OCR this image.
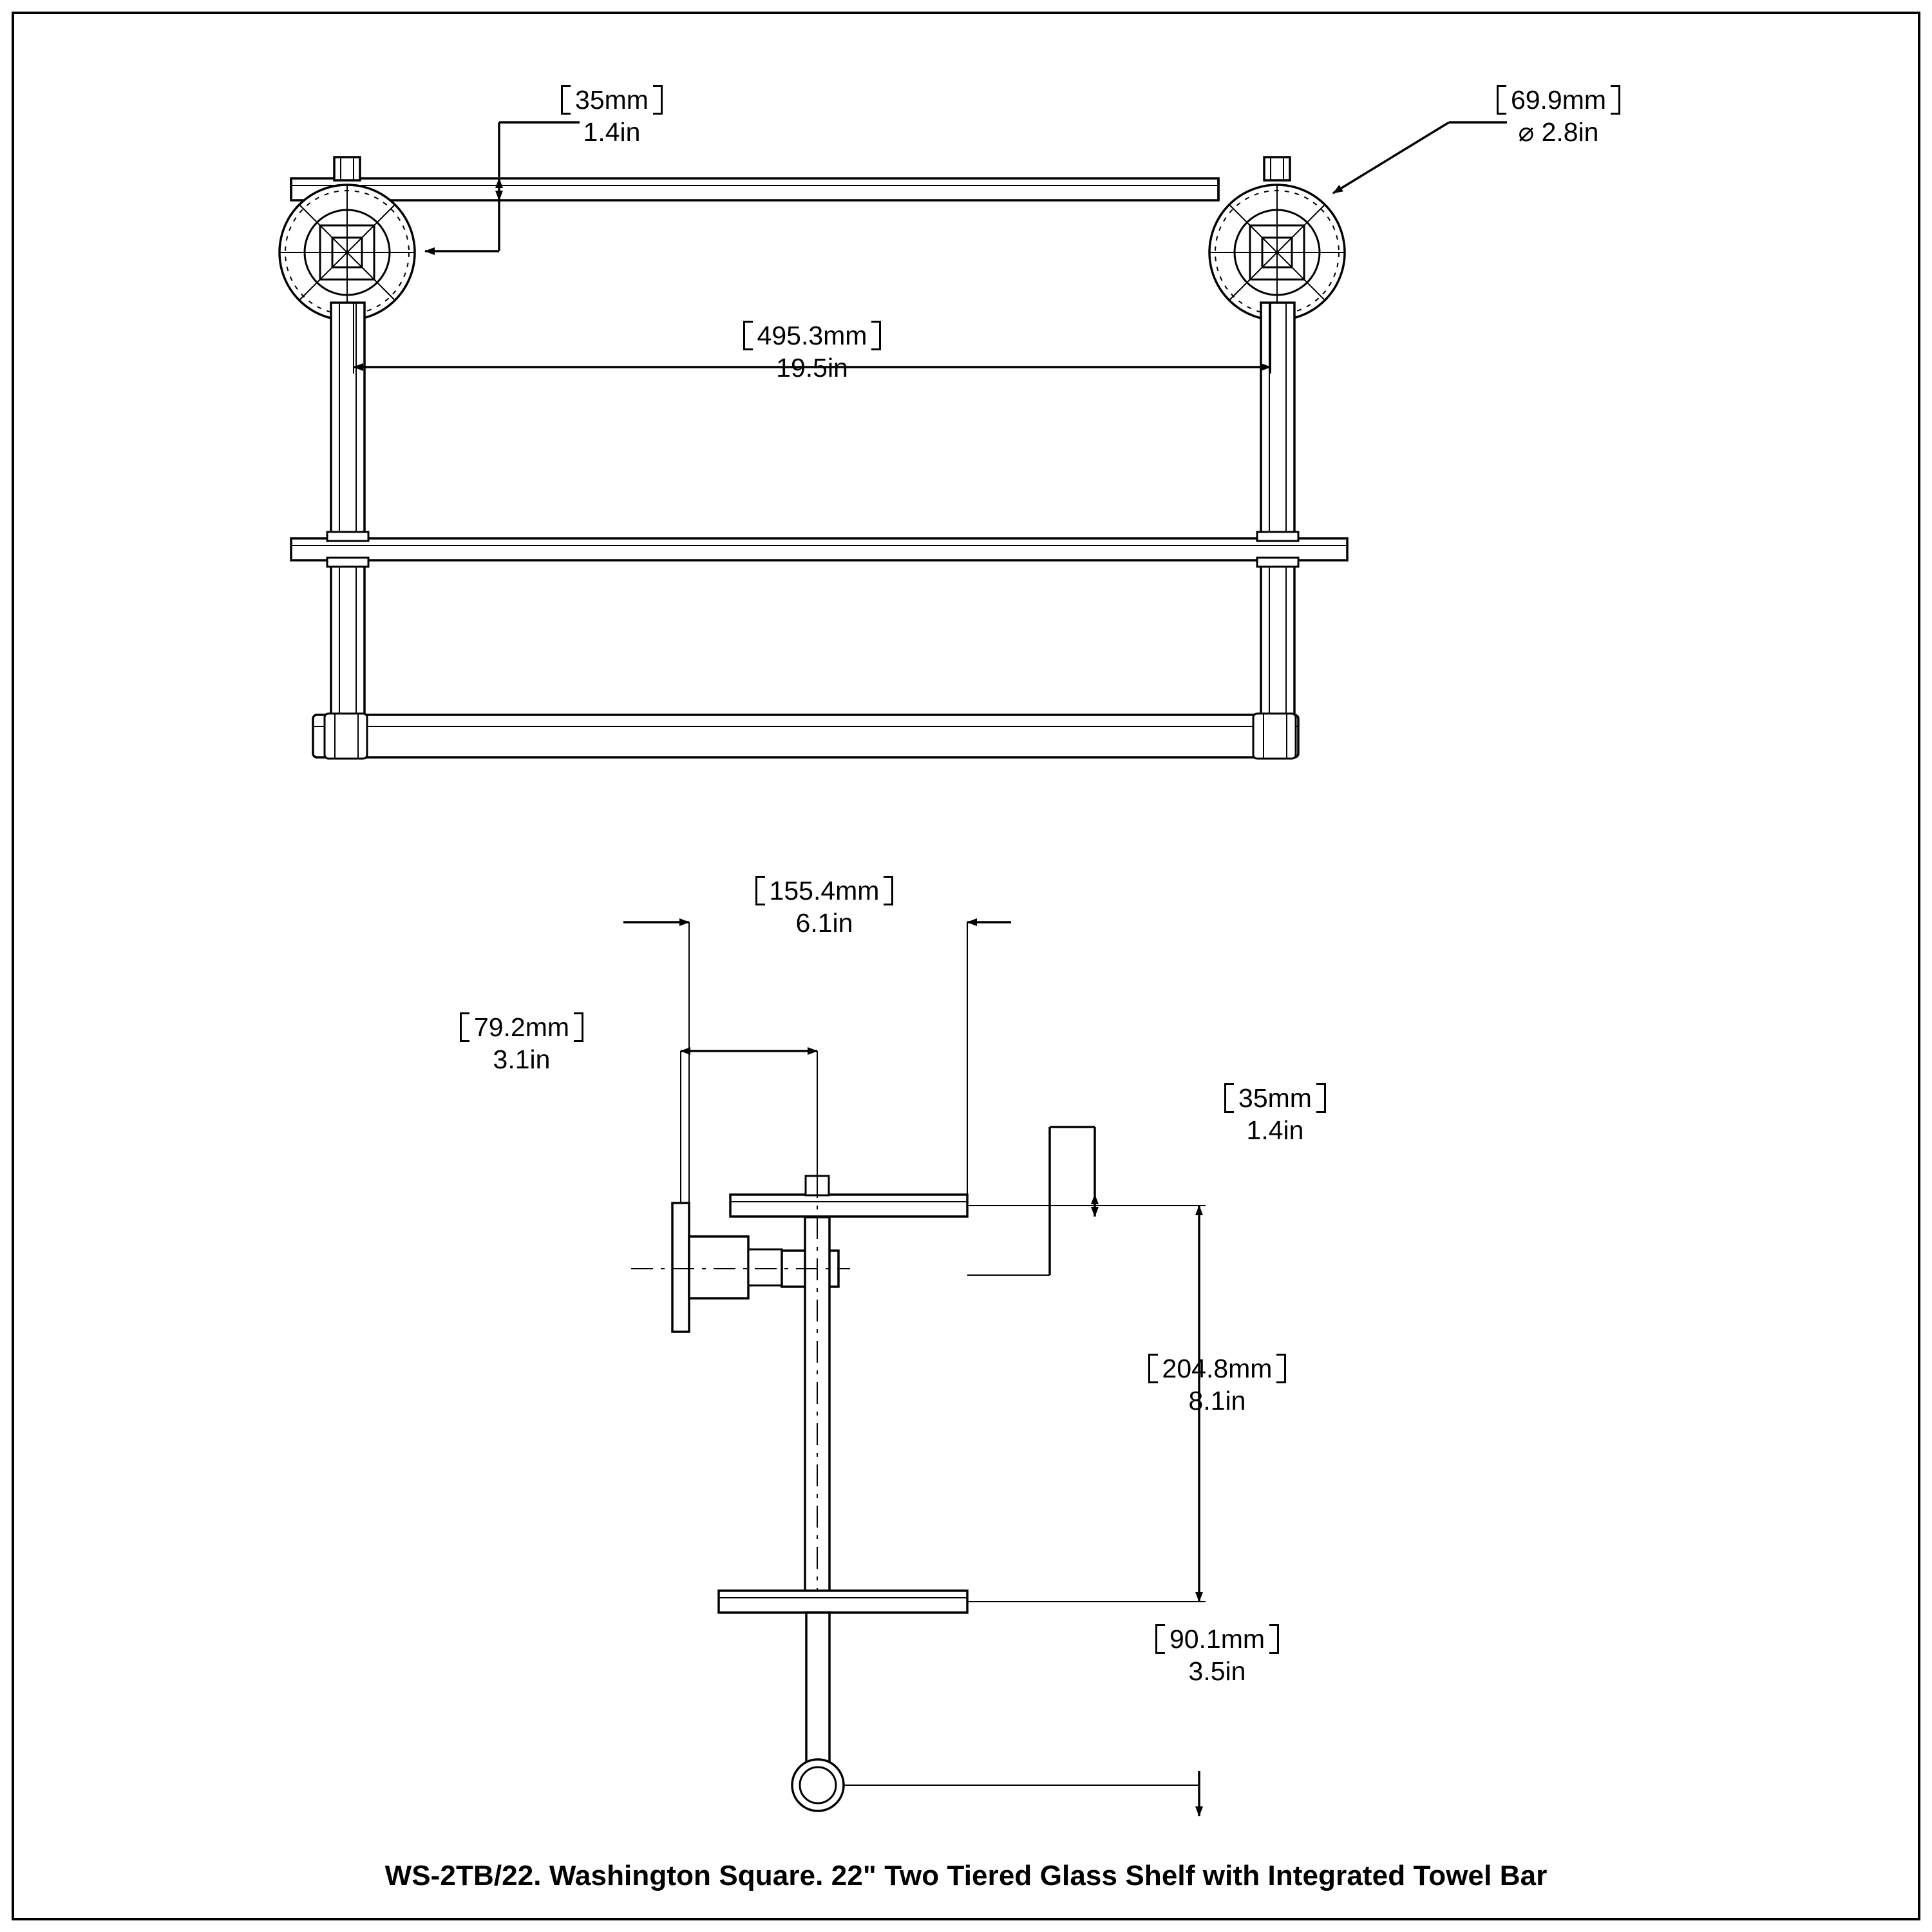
35mm
1.4in
69.9mm
⌀ 2.8in
495.3mm
19.5in
155.4mm
6.1in
79.2mm
3.1in
35mm
1.4in
204.8mm
8.1in
90.1mm
3.5in
WS-2TB/22. Washington Square. 22" Two Tiered Glass Shelf with Integrated Towel Bar
